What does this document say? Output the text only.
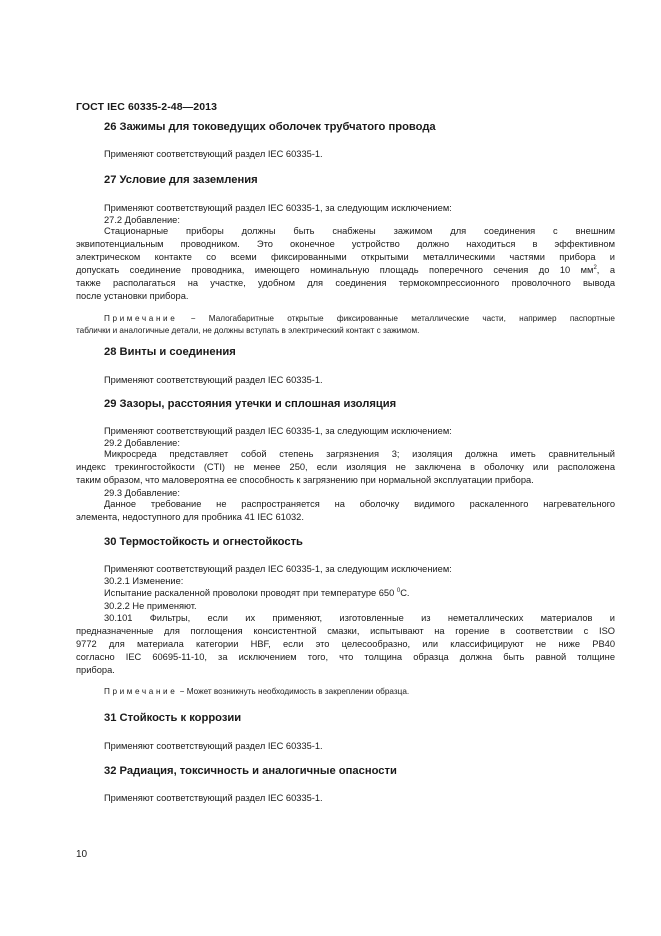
ГОСТ IEC 60335-2-48—2013
26 Зажимы для токоведущих оболочек трубчатого провода
Применяют соответствующий раздел IEC 60335-1.
27 Условие для заземления
Применяют соответствующий раздел IEC 60335-1, за следующим исключением:
27.2 Добавление:
Стационарные приборы должны быть снабжены зажимом для соединения с внешним
эквипотенциальным проводником. Это оконечное устройство должно находиться в эффективном
электрическом контакте со всеми фиксированными открытыми металлическими частями прибора и
допускать соединение проводника, имеющего номинальную площадь поперечного сечения до 10 $мм^2$, а
также располагаться на участке, удобном для соединения термокомпрессионного проволочного вывода
после установки прибора.
Примечание − Малогабаритные открытые фиксированные металлические части, например паспортные
таблички и аналогичные детали, не должны вступать в электрический контакт с зажимом.
28 Винты и соединения
Применяют соответствующий раздел IEC 60335-1.
29 Зазоры, расстояния утечки и сплошная изоляция
Применяют соответствующий раздел IEC 60335-1, за следующим исключением:
29.2 Добавление:
Микросреда представляет собой степень загрязнения 3; изоляция должна иметь сравнительный
индекс трекингостойкости (CTI) не менее 250, если изоляция не заключена в оболочку или расположена
таким образом, что маловероятна ее способность к загрязнению при нормальной эксплуатации прибора.
29.3 Добавление:
Данное требование не распространяется на оболочку видимого раскаленного нагревательного
элемента, недоступного для пробника 41 IEC 61032.
30 Термостойкость и огнестойкость
Применяют соответствующий раздел IEC 60335-1, за следующим исключением:
30.2.1 Изменение:
Испытание раскаленной проволоки проводят при температуре 650 $^0$С.
30.2.2 Не применяют.
30.101 Фильтры, если их применяют, изготовленные из неметаллических материалов и
предназначенные для поглощения консистентной смазки, испытывают на горение в соответствии с ISO
9772 для материала категории HBF, если это целесообразно, или классифицируют не ниже PB40
согласно IEC 60695-11-10, за исключением того, что толщина образца должна быть равной толщине
прибора.
Примечание − Может возникнуть необходимость в закреплении образца.
31 Стойкость к коррозии
Применяют соответствующий раздел IEC 60335-1.
32 Радиация, токсичность и аналогичные опасности
Применяют соответствующий раздел IEC 60335-1.
10
